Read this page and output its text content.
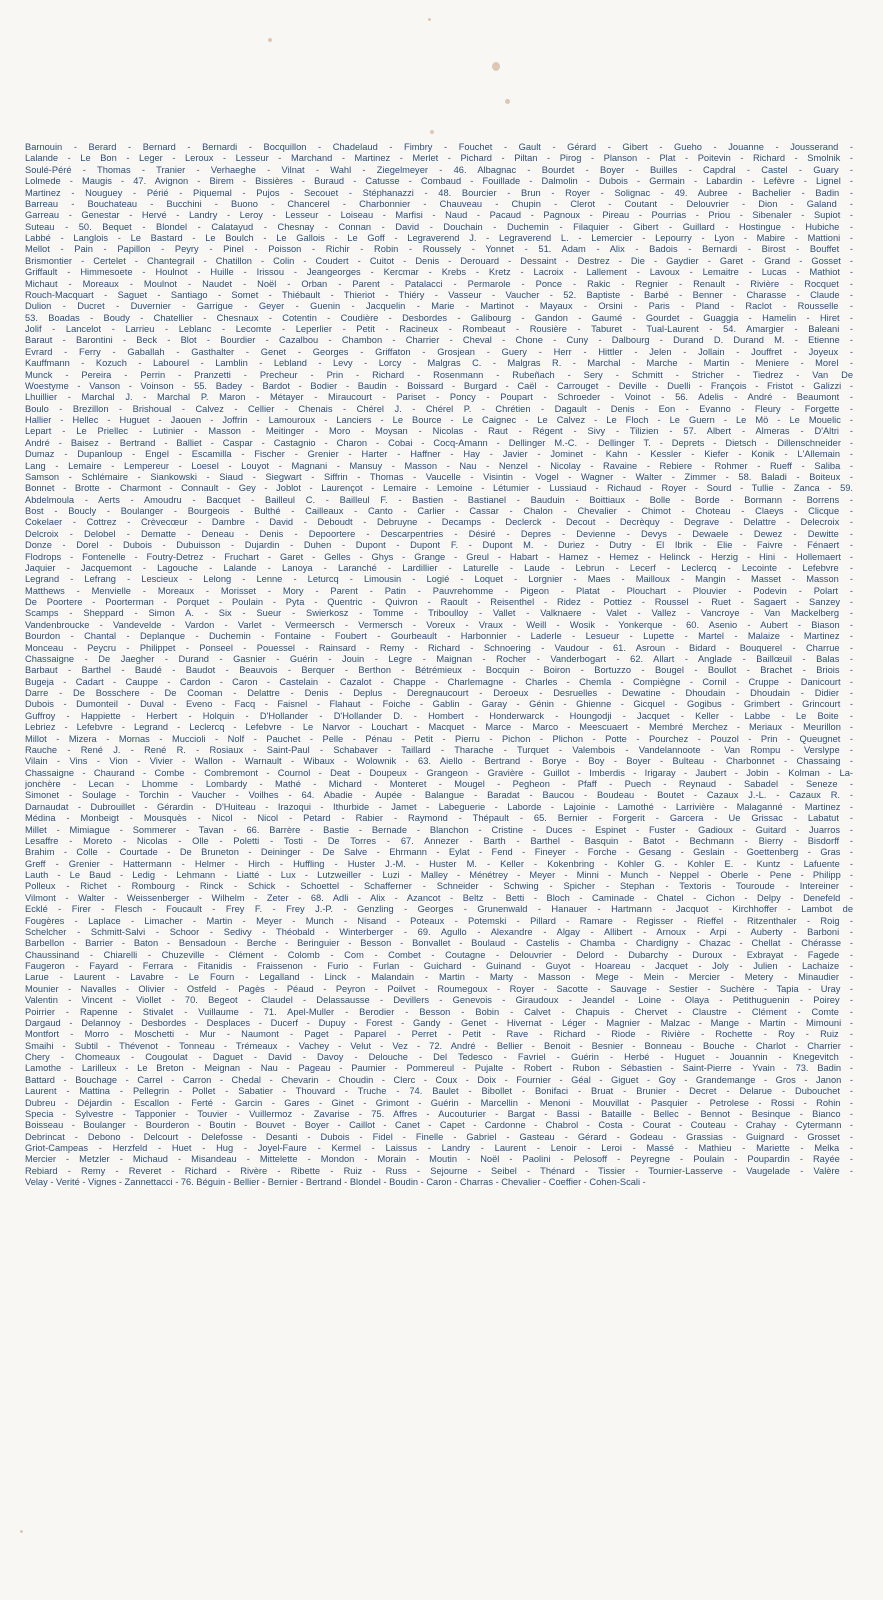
Barnouin - Berard - Bernard - Bernardi - Bocquillon - Chadelaud - Fimbry - Fouchet - Gault - Gérard - Gibert - Gueho - Jouanne - Jousserand -
Lalande - Le Bon - Leger - Leroux - Lesseur - Marchand - Martinez - Merlet - Pichard - Piltan - Pirog - Planson - Plat - Poitevin - Richard - Smolnik -
Soulé-Péré - Thomas - Tranier - Verhaeghe - Vilnat - Wahl - Ziegelmeyer - 46. Albagnac - Bourdet - Boyer - Builles - Capdral - Castel - Guary -
Lolmede - Maugis - 47. Avignon - Birem - Bissières - Buraud - Catusse - Combaud - Fouillade - Dalmolin - Dubois - Germain - Labardin - Lefèvre - Lignel -
Martinez - Nouguey - Périé - Piquemal - Pujos - Secouet - Stéphanazzi - 48. Bourcier - Brun - Royer - Solignac - 49. Aubree - Bachelier - Badin -
Barreau - Bouchateau - Bucchini - Buono - Chancerel - Charbonnier - Chauveau - Chupin - Clerot - Coutant - Delouvrier - Dion - Galand -
Garreau - Genestar - Hervé - Landry - Leroy - Lesseur - Loiseau - Marfisi - Naud - Pacaud - Pagnoux - Pireau - Pourrias - Priou - Sibenaler - Supiot -
Suteau - 50. Bequet - Blondel - Calatayud - Chesnay - Connan - David - Douchain - Duchemin - Filaquier - Gibert - Guillard - Hostingue - Hubiche -
Labbé - Langlois - Le Bastard - Le Boulch - Le Gallois - Le Goff - Legraverend J. - Legraverend L. - Lemercier - Lepourry - Lyon - Mabire - Mattioni -
Mellot - Pain - Papillon - Peyry - Pinel - Poisson - Richir - Robin - Roussely - Yonnet - 51. Adam - Alix - Badois - Bernardi - Birost - Bouffet -
Brismontier - Certelet - Chantegrail - Chatillon - Colin - Coudert - Cuitot - Denis - Derouard - Dessaint - Destrez - Die - Gaydier - Garet - Grand - Gosset -
Griffault - Himmesoete - Houlnot - Huille - Irissou - Jeangeorges - Kercmar - Krebs - Kretz - Lacroix - Lallement - Lavoux - Lemaitre - Lucas - Mathiot -
Michaut - Moreaux - Moulnot - Naudet - Noël - Orban - Parent - Patalacci - Permarole - Ponce - Rakic - Regnier - Renault - Rivière - Rocquet -
Rouch-Macquart - Saguet - Santiago - Somet - Thiébault - Thieriot - Thiéry - Vasseur - Vaucher - 52. Baptiste - Barbé - Benner - Charasse - Claude -
Dulion - Ducret - Duvernier - Garrigue - Geyer - Guenin - Jacquelin - Marie - Martinot - Mayaux - Orsini - Paris - Pland - Raclot - Rousselle -
53. Boadas - Boudy - Chatellier - Chesnaux - Cotentin - Coudière - Desbordes - Galibourg - Gandon - Gaumé - Gourdet - Guaggia - Hamelin - Hiret -
Jolif - Lancelot - Larrieu - Leblanc - Lecomte - Leperlier - Petit - Racineux - Rombeaut - Rousière - Taburet - Tual-Laurent - 54. Amargier - Baleani -
Baraut - Barontini - Beck - Blot - Bourdier - Cazalbou - Chambon - Charrier - Cheval - Chone - Cuny - Dalbourg - Durand D. Durand M. - Etienne -
Evrard - Ferry - Gaballah - Gasthalter - Genet - Georges - Griffaton - Grosjean - Guery - Herr - Hittler - Jelen - Jollain - Jouffret - Joyeux -
Kauffmann - Kozuch - Labourel - Lamblin - Lebland - Levy - Lorcy - Malgras C. - Malgras R. - Marchal - Marche - Martin - Meniere - Morel -
Munck - Pereira - Perrin - Pranzetti - Precheur - Prin - Richard - Rosenmann - Rubeñach - Sery - Schmitt - Stricher - Tiedrez - Van De
Woestyme - Vanson - Voinson - 55. Badey - Bardot - Bodier - Baudin - Boissard - Burgard - Caël - Carrouget - Deville - Duelli - François - Fristot - Galizzi -
Lhuillier - Marchal J. - Marchal P. Maron - Métayer - Miraucourt - Pariset - Poncy - Poupart - Schroeder - Voinot - 56. Adelis - André - Beaumont -
Boulo - Brezillon - Brishoual - Calvez - Cellier - Chenais - Chérel J. - Chérel P. - Chrétien - Dagault - Denis - Eon - Evanno - Fleury - Forgette -
Hallier - Hellec - Huguet - Jaouen - Joffrin - Lamouroux - Lanciers - Le Bource - Le Caignec - Le Calvez - Le Floch - Le Guern - Le Mö - Le Mouelic -
Lepart - Le Priellec - Lutinier - Masson - Meitinger - Moro - Moysan - Nicolas - Raut - Régent - Sivy - Tilizien - 57. Albert - Almeras - D'Altri -
André - Baisez - Bertrand - Balliet - Caspar - Castagnio - Charon - Cobai - Cocq-Amann - Dellinger M.-C. - Dellinger T. - Deprets - Dietsch - Dillenschneider -
Dumaz - Dupanloup - Engel - Escamilla - Fischer - Grenier - Harter - Haffner - Hay - Javier - Jominet - Kahn - Kessler - Kiefer - Konik - L'Allemain -
Lang - Lemaire - Lempereur - Loesel - Louyot - Magnani - Mansuy - Masson - Nau - Nenzel - Nicolay - Ravaine - Rebiere - Rohmer - Rueff - Saliba -
Samson - Schlémaire - Siankowski - Siaud - Siegwart - Siffrin - Thomas - Vaucelle - Visintin - Vogel - Wagner - Walter - Zimmer - 58. Baladi - Boiteux -
Bonnet - Brotte - Charmont - Connault - Gey - Joblot - Laurençot - Lemaire - Lemoine - Létumier - Lussiaud - Richaud - Royer - Sourd - Tullie - Zanca - 59.
Abdelmoula - Aerts - Amoudru - Bacquet - Bailleul C. - Bailleul F. - Bastien - Bastianel - Bauduin - Boittiaux - Bolle - Borde - Bormann - Borrens -
Bost - Boucly - Boulanger - Bourgeois - Bulthé - Cailleaux - Canto - Carlier - Cassar - Chalon - Chevalier - Chimot - Choteau - Claeys - Clicque -
Cokelaer - Cottrez - Crèvecœur - Dambre - David - Deboudt - Debruyne - Decamps - Declerck - Decout - Decrèquy - Degrave - Delattre - Delecroix -
Delcroix - Delobel - Dematte - Deneau - Denis - Depoortere - Descarpentries - Désiré - Depres - Devienne - Devys - Dewaele - Dewez - Dewitte -
Donze - Dorel - Dubois - Dubuisson - Dujardin - Duhen - Dupont - Dupont F. - Dupont M. - Duriez - Dutry - El Ibrik - Elie - Faivre - Fénaert -
Flodrops - Fontenelle - Foutry-Detrez - Fruchart - Garet - Gelles - Ghys - Grange - Greul - Habart - Hamez - Hemez - Helinck - Herzig - Hini - Hollemaert -
Jaquier - Jacquemont - Lagouche - Lalande - Lanoya - Laranché - Lardillier - Laturelle - Laude - Lebrun - Lecerf - Leclercq - Lecointe - Lefebvre -
Legrand - Lefrang - Lescieux - Lelong - Lenne - Leturcq - Limousin - Logié - Loquet - Lorgnier - Maes - Mailloux - Mangin - Masset - Masson -
Matthews - Menvielle - Moreaux - Morisset - Mory - Parent - Patin - Pauvrehomme - Pigeon - Platat - Plouchart - Plouvier - Podevin - Polart -
De Poortere - Poorterman - Porquet - Poulain - Pyta - Quentric - Quivron - Raoult - Reisenthel - Ridez - Pottiez - Roussel - Ruet - Sagaert - Sanzey -
Scamps - Sheppard - Simon A. - Six - Sueur - Swierkosz - Tomme - Triboulloy - Vallet - Valknaere - Valet - Vallez - Vancroye - Van Mackelberg -
Vandenbroucke - Vandevelde - Vardon - Varlet - Vermeersch - Vermersch - Voreux - Vraux - Weill - Wosik - Yonkerque - 60. Asenio - Aubert - Biason -
Bourdon - Chantal - Deplanque - Duchemin - Fontaine - Foubert - Gourbeault - Harbonnier - Laderle - Lesueur - Lupette - Martel - Malaize - Martinez -
Monceau - Peycru - Philippet - Ponseel - Pouessel - Rainsard - Remy - Richard - Schnoering - Vaudour - 61. Asroun - Bidard - Bouquerel - Charrue -
Chassaigne - De Jaegher - Durand - Gasnier - Guérin - Jouin - Legre - Maignan - Rocher - Vanderbogart - 62. Allart - Anglade - Baillœuil - Balas -
Barbaut - Barthel - Baudé - Baudot - Beauvois - Berquer - Berthon - Bétrémieux - Bocquin - Boiron - Bortuzzo - Bougel - Boullot - Brachet - Briois -
Bugeja - Cadart - Cauppe - Cardon - Caron - Castelain - Cazalot - Chappe - Charlemagne - Charles - Chemla - Compiègne - Cornil - Cruppe - Danicourt -
Darre - De Bosschere - De Cooman - Delattre - Denis - Deplus - Deregnaucourt - Deroeux - Desruelles - Dewatine - Dhoudain - Dhoudain - Didier -
Dubois - Dumonteil - Duval - Eveno - Facq - Faisnel - Flahaut - Foiche - Gablin - Garay - Génin - Ghienne - Gicquel - Gogibus - Grimbert - Grincourt -
Guffroy - Happiette - Herbert - Holquin - D'Hollander - D'Hollander D. - Hombert - Honderwarck - Houngodji - Jacquet - Keller - Labbe - Le Boite -
Lebriez - Lefebvre - Legrand - Leclercq - Lefebvre - Le Narvor - Louchart - Macquet - Marce - Marco - Meescuaert - Membré Merchez - Meriaux - Meurillon -
Millot - Mizera - Mornas - Muccioli - Nolf - Pauchet - Pelle - Pénau - Petit - Pierru - Pichon - Plichon - Potte - Pourchez - Pouzol - Prin - Queugnet -
Rauche - René J. - René R. - Rosiaux - Saint-Paul - Schabaver - Taillard - Tharache - Turquet - Valembois - Vandelannoote - Van Rompu - Verslype -
Vilain - Vins - Vion - Vivier - Wallon - Warnault - Wibaux - Wolownik - 63. Aiello - Bertrand - Borye - Boy - Boyer - Bulteau - Charbonnet - Chassaing -
Chassaigne - Chaurand - Combe - Combremont - Cournol - Deat - Doupeux - Grangeon - Gravière - Guillot - Imberdis - Irigaray - Jaubert - Jobin - Kolman - La-
jonchère - Lecan - Lhomme - Lombardy - Mathé - Michard - Monteret - Mougel - Pegheon - Pfaff - Puech - Reynaud - Sabadel - Seneze -
Simonet - Soulage - Torchin - Vaucher - Voilhes - 64. Abadie - Aupée - Balangue - Baradat - Baucou - Boudeau - Boutet - Cazaux J.-L. - Cazaux R. -
Darnaudat - Dubrouillet - Gérardin - D'Huiteau - Irazoqui - Ithurbide - Jamet - Labeguerie - Laborde - Lajoinie - Lamothé - Larrivière - Malaganné - Martinez -
Médina - Monbeigt - Mousquès - Nicol - Nicol - Petard - Rabier - Raymond - Thépault - 65. Bernier - Forgerit - Garcera - Ue Grissac - Labatut -
Millet - Mimiague - Sommerer - Tavan - 66. Barrère - Bastie - Bernade - Blanchon - Cristine - Duces - Espinet - Fuster - Gadioux - Guitard - Juarros -
Lesaffre - Moreto - Nicolas - Olle - Poletti - Tosti - De Torres - 67. Annezer - Barth - Barthel - Basquin - Batot - Bechmann - Bierry - Bisdorff -
Brahim - Colle - Courtade - De Bruneton - Deininger - De Salve - Ehrmann - Eylat - Fend - Fineyer - Forche - Gesang - Geslain - Goettenberg - Gras -
Greff - Grenier - Hattermann - Helmer - Hirch - Huffling - Huster J.-M. - Huster M. - Keller - Kokenbring - Kohler G. - Kohler E. - Kuntz - Lafuente -
Lauth - Le Baud - Ledig - Lehmann - Liatté - Lux - Lutzweiller - Luzi - Malley - Ménétrey - Meyer - Minni - Munch - Neppel - Oberle - Pene - Philipp -
Polleux - Richet - Rombourg - Rinck - Schick - Schoettel - Schafferner - Schneider - Schwing - Spicher - Stephan - Textoris - Touroude - Intereiner -
Vilmont - Walter - Weissenberger - Wilhelm - Zeter - 68. Adli - Alix - Azancot - Beltz - Betti - Bloch - Caminade - Chatel - Cichon - Delpy - Denefeld -
Ecklé - Firer - Flesch - Foucault - Frey F. - Frey J.-P. - Genzling - Georges - Grunenwald - Hanauer - Hartmann - Jacquot - Kirchhoffer - Lambot de
Fougères - Laplace - Limacher - Martin - Meyer - Munch - Nisand - Poteaux - Potemski - Pillard - Ramare - Regisser - Rieffel - Ritzenthaler - Roig -
Schelcher - Schmitt-Salvi - Schoor - Sedivy - Théobald - Winterberger - 69. Agullo - Alexandre - Algay - Allibert - Arnoux - Arpi - Auberty - Barboni -
Barbellon - Barrier - Baton - Bensadoun - Berche - Beringuier - Besson - Bonvallet - Boulaud - Castelis - Chamba - Chardigny - Chazac - Chellat - Chérasse -
Chaussinand - Chiarelli - Chuzeville - Clément - Colomb - Com - Combet - Coutagne - Delouvrier - Delord - Dubarchy - Duroux - Exbrayat - Fagede -
Faugeron - Fayard - Ferrara - Fitanidis - Fraissenon - Furio - Furlan - Guichard - Guinand - Guyot - Hoareau - Jacquet - Joly - Julien - Lachaize -
Larue - Laurent - Lavabre - Le Fourn - Legalland - Linck - Malandain - Martin - Marty - Masson - Mege - Mein - Mercier - Metery - Minaudier -
Mounier - Navalles - Olivier - Ostfeld - Pagès - Péaud - Peyron - Poilvet - Roumegoux - Royer - Sacotte - Sauvage - Sestier - Suchère - Tapia - Uray -
Valentin - Vincent - Viollet - 70. Begeot - Claudel - Delassausse - Devillers - Genevois - Giraudoux - Jeandel - Loine - Olaya - Petithuguenin - Poirey -
Poirrier - Rapenne - Stivalet - Vuillaume - 71. Apel-Muller - Berodier - Besson - Bobin - Calvet - Chapuis - Chervet - Claustre - Clément - Comte -
Dargaud - Delannoy - Desbordes - Desplaces - Ducerf - Dupuy - Forest - Gandy - Genet - Hivernat - Léger - Magnier - Malzac - Mange - Martin - Mimouni -
Montfort - Morro - Moschetti - Mur - Naumont - Paget - Paparel - Perret - Petit - Rave - Richard - Riode - Rivière - Rochette - Roy - Ruiz -
Smaihi - Subtil - Thévenot - Tonneau - Trémeaux - Vachey - Velut - Vez - 72. André - Bellier - Benoit - Besnier - Bonneau - Bouche - Charlot - Charrier -
Chery - Chomeaux - Cougoulat - Daguet - David - Davoy - Delouche - Del Tedesco - Favriel - Guérin - Herbé - Huguet - Jouannin - Knegevitch -
Lamothe - Larilleux - Le Breton - Meignan - Nau - Pageau - Paumier - Pommereul - Pujalte - Robert - Rubon - Sébastien - Saint-Pierre - Yvain - 73. Badin -
Battard - Bouchage - Carrel - Carron - Chedal - Chevarin - Choudin - Clerc - Coux - Doix - Fournier - Géal - Giguet - Goy - Grandemange - Gros - Janon -
Laurent - Mattina - Pellegrin - Pollet - Sabatier - Thouvard - Truche - 74. Baulet - Bibollet - Bonifaci - Bruat - Brunier - Decret - Delarue - Dubouchet -
Dubreu - Déjardin - Escallon - Ferté - Garcin - Gares - Ginet - Grimont - Guérin - Marcellin - Menoni - Mouvillat - Pasquier - Petrolese - Rossi - Rohin -
Specia - Sylvestre - Tapponier - Touvier - Vuillermoz - Zavarise - 75. Affres - Aucouturier - Bargat - Bassi - Bataille - Bellec - Bennot - Besinque - Bianco -
Boisseau - Boulanger - Bourderon - Boutin - Bouvet - Boyer - Caillot - Canet - Capet - Cardonne - Chabrol - Costa - Courat - Couteau - Crahay - Cytermann -
Debrincat - Debono - Delcourt - Delefosse - Desanti - Dubois - Fidel - Finelle - Gabriel - Gasteau - Gérard - Godeau - Grassias - Guignard - Grosset -
Griot-Campeas - Herzfeld - Huet - Hug - Joyel-Faure - Kermel - Laissus - Landry - Laurent - Lenoir - Leroi - Massé - Mathieu - Mariette - Melka -
Mercier - Metzler - Michaud - Misandeau - Mittelette - Mondon - Morain - Moutin - Noël - Paolini - Pelosoff - Peyregne - Poulain - Poupardin - Rayée -
Rebiard - Remy - Reveret - Richard - Rivère - Ribette - Ruiz - Russ - Sejourne - Seibel - Thénard - Tissier - Tournier-Lasserve - Vaugelade - Valère -
Velay - Verité - Vignes - Zannettacci - 76. Béguin - Bellier - Bernier - Bertrand - Blondel - Boudin - Caron - Charras - Chevalier - Coeffier - Cohen-Scali -
